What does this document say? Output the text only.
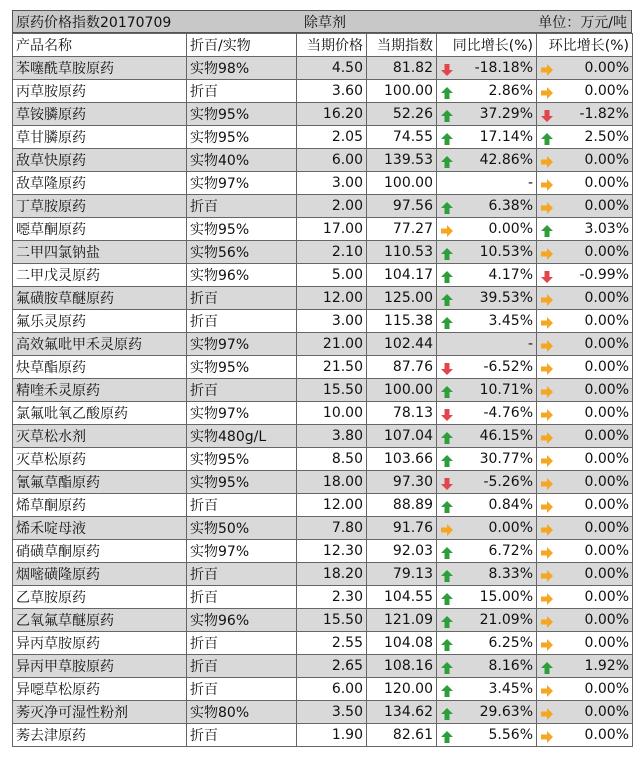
原药价格指数20170709	除草剂	单位：万元/吨
产品名称	折百/实物	当期价格	当期指数	同比增长(%)	环比增长(%)
苯噻酰草胺原药	实物98%	4.50	81.82	-18.18%	0.00%

丙草胺原药	折百	3.60	100.00	2.86%	0.00%

草铵膦原药	实物95%	16.20	52.26	37.29%	-1.82%

草甘膦原药	实物95%	2.05	74.55	17.14%	2.50%

敌草快原药	实物40%	6.00	139.53	42.86%	0.00%

敌草隆原药	实物97%	3.00	100.00	-	0.00%

丁草胺原药	折百	2.00	97.56	6.38%	0.00%

噁草酮原药	实物95%	17.00	77.27	0.00%	3.03%

二甲四氯钠盐	实物56%	2.10	110.53	10.53%	0.00%

二甲戊灵原药	实物96%	5.00	104.17	4.17%	-0.99%

氟磺胺草醚原药	折百	12.00	125.00	39.53%	0.00%

氟乐灵原药	折百	3.00	115.38	3.45%	0.00%

高效氟吡甲禾灵原药	实物97%	21.00	102.44	-	0.00%

炔草酯原药	实物95%	21.50	87.76	-6.52%	0.00%

精喹禾灵原药	折百	15.50	100.00	10.71%	0.00%

氯氟吡氧乙酸原药	实物97%	10.00	78.13	-4.76%	0.00%

灭草松水剂	实物480g/L	3.80	107.04	46.15%	0.00%

灭草松原药	实物95%	8.50	103.66	30.77%	0.00%

氰氟草酯原药	实物95%	18.00	97.30	-5.26%	0.00%

烯草酮原药	折百	12.00	88.89	0.84%	0.00%

烯禾啶母液	实物50%	7.80	91.76	0.00%	0.00%

硝磺草酮原药	实物97%	12.30	92.03	6.72%	0.00%

烟嘧磺隆原药	折百	18.20	79.13	8.33%	0.00%

乙草胺原药	折百	2.30	104.55	15.00%	0.00%

乙氧氟草醚原药	实物96%	15.50	121.09	21.09%	0.00%

异丙草胺原药	折百	2.55	104.08	6.25%	0.00%

异丙甲草胺原药	折百	2.65	108.16	8.16%	1.92%

异噁草松原药	折百	6.00	120.00	3.45%	0.00%

莠灭净可湿性粉剂	实物80%	3.50	134.62	29.63%	0.00%

莠去津原药	折百	1.90	82.61	5.56%	0.00%
